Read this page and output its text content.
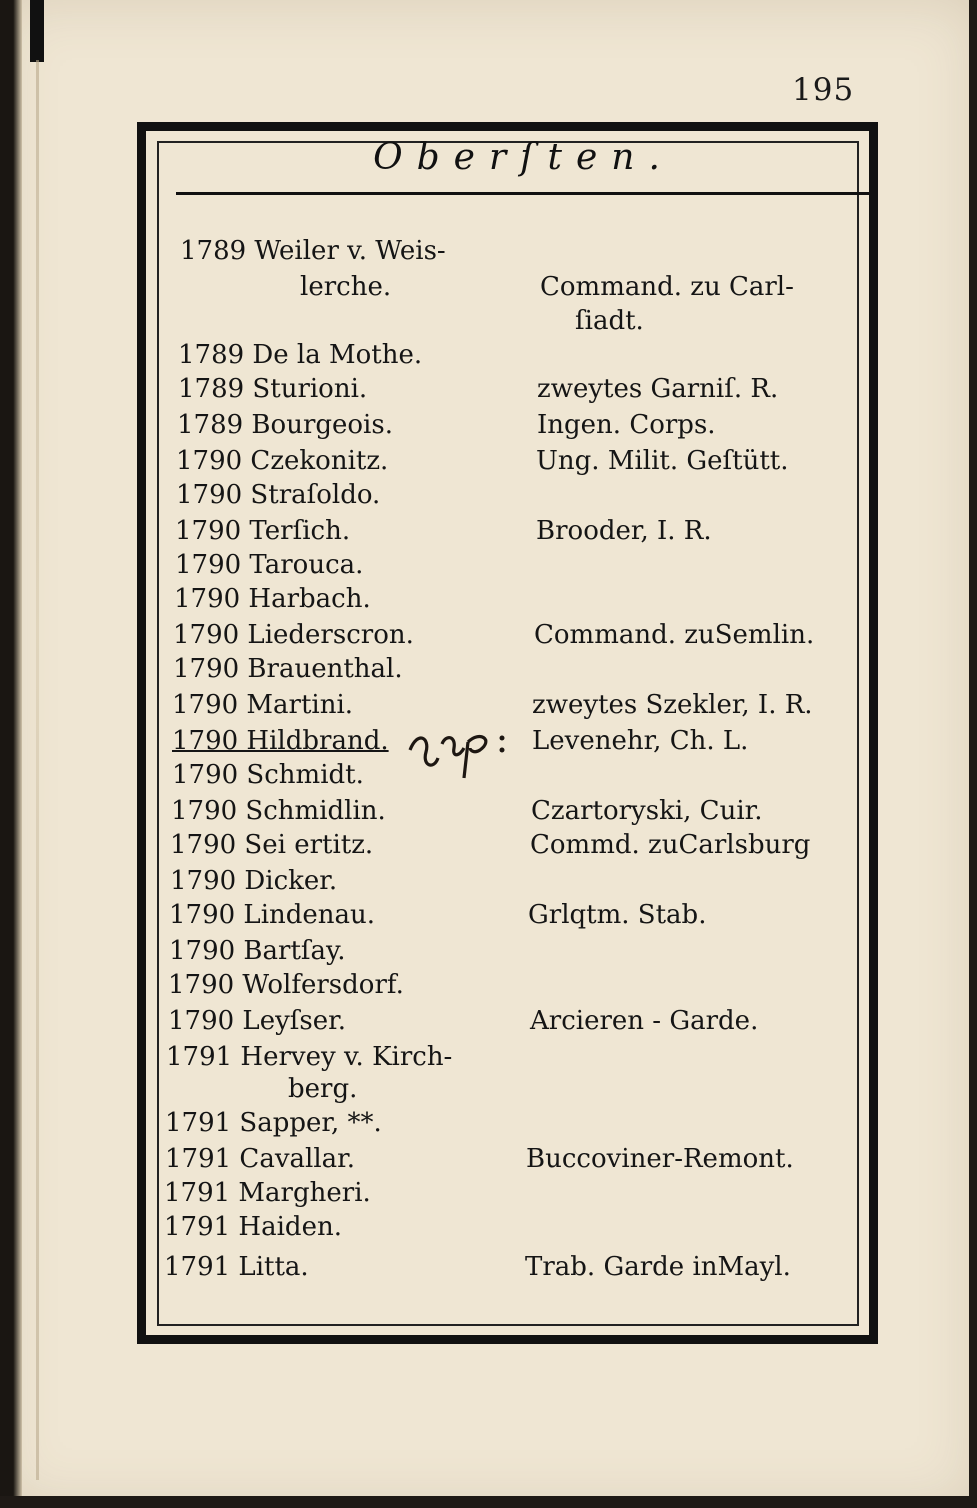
195
Oberſten.
1789 Weiler v. Weis-
lerche.	Command. zu Carl-
ſiadt.
1789 De la Mothe.
1789 Sturioni.	zweytes Garniſ. R.
1789 Bourgeois.	Ingen. Corps.
1790 Czekonitz.	Ung. Milit. Geſtütt.
1790 Straſoldo.
1790 Terſich.	Brooder, I. R.
1790 Tarouca.
1790 Harbach.
1790 Liederscron.	Command. zuSemlin.
1790 Brauenthal.
1790 Martini.	zweytes Szekler, I. R.
1790 Hildbrand.	Levenehr, Ch. L.
1790 Schmidt.
1790 Schmidlin.	Czartoryski, Cuir.
1790 Sei ertitz.	Commd. zuCarlsburg
1790 Dicker.
1790 Lindenau.	Grlqtm. Stab.
1790 Bartſay.
1790 Wolfersdorf.
1790 Leyſser.	Arcieren - Garde.
1791 Hervey v. Kirch-
berg.
1791 Sapper, **.
1791 Cavallar.	Buccoviner-Remont.
1791 Margheri.
1791 Haiden.
1791 Litta.	Trab. Garde inMayl.
